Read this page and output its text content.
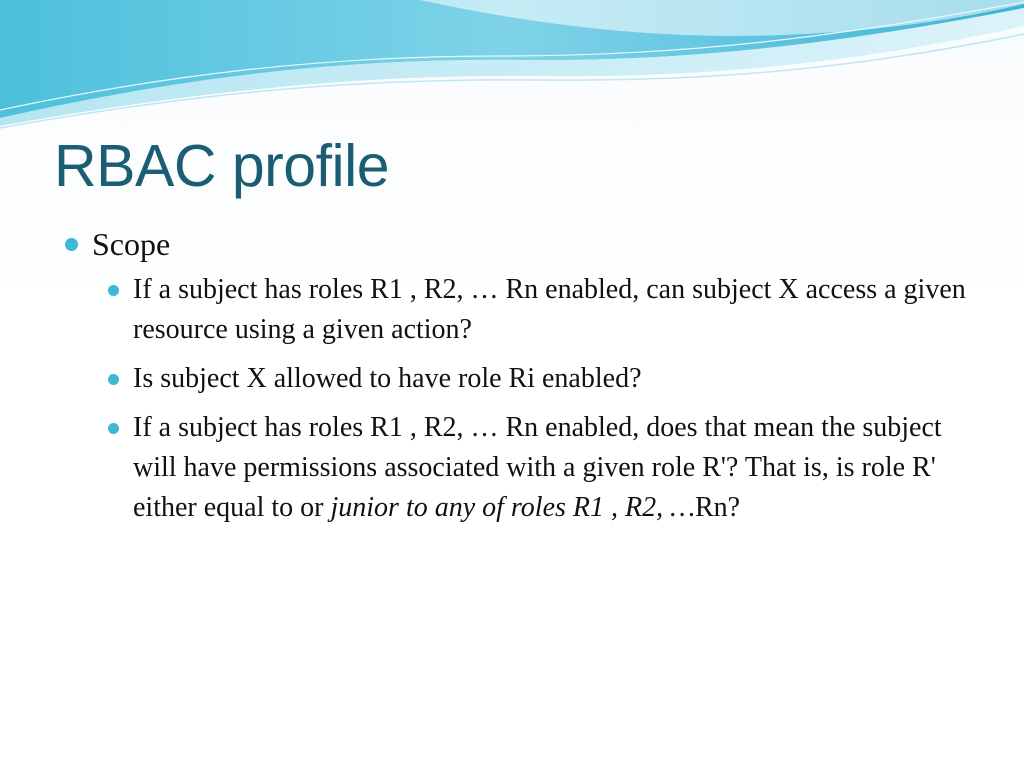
RBAC profile
Scope
If a subject has roles R1 , R2, … Rn enabled, can subject X access a given resource using a given action?
Is subject X allowed to have role Ri enabled?
If a subject has roles R1 , R2, … Rn enabled, does that mean the subject will have permissions associated with a given role R'? That is, is role R' either equal to or junior to any of roles R1 , R2, …Rn?
